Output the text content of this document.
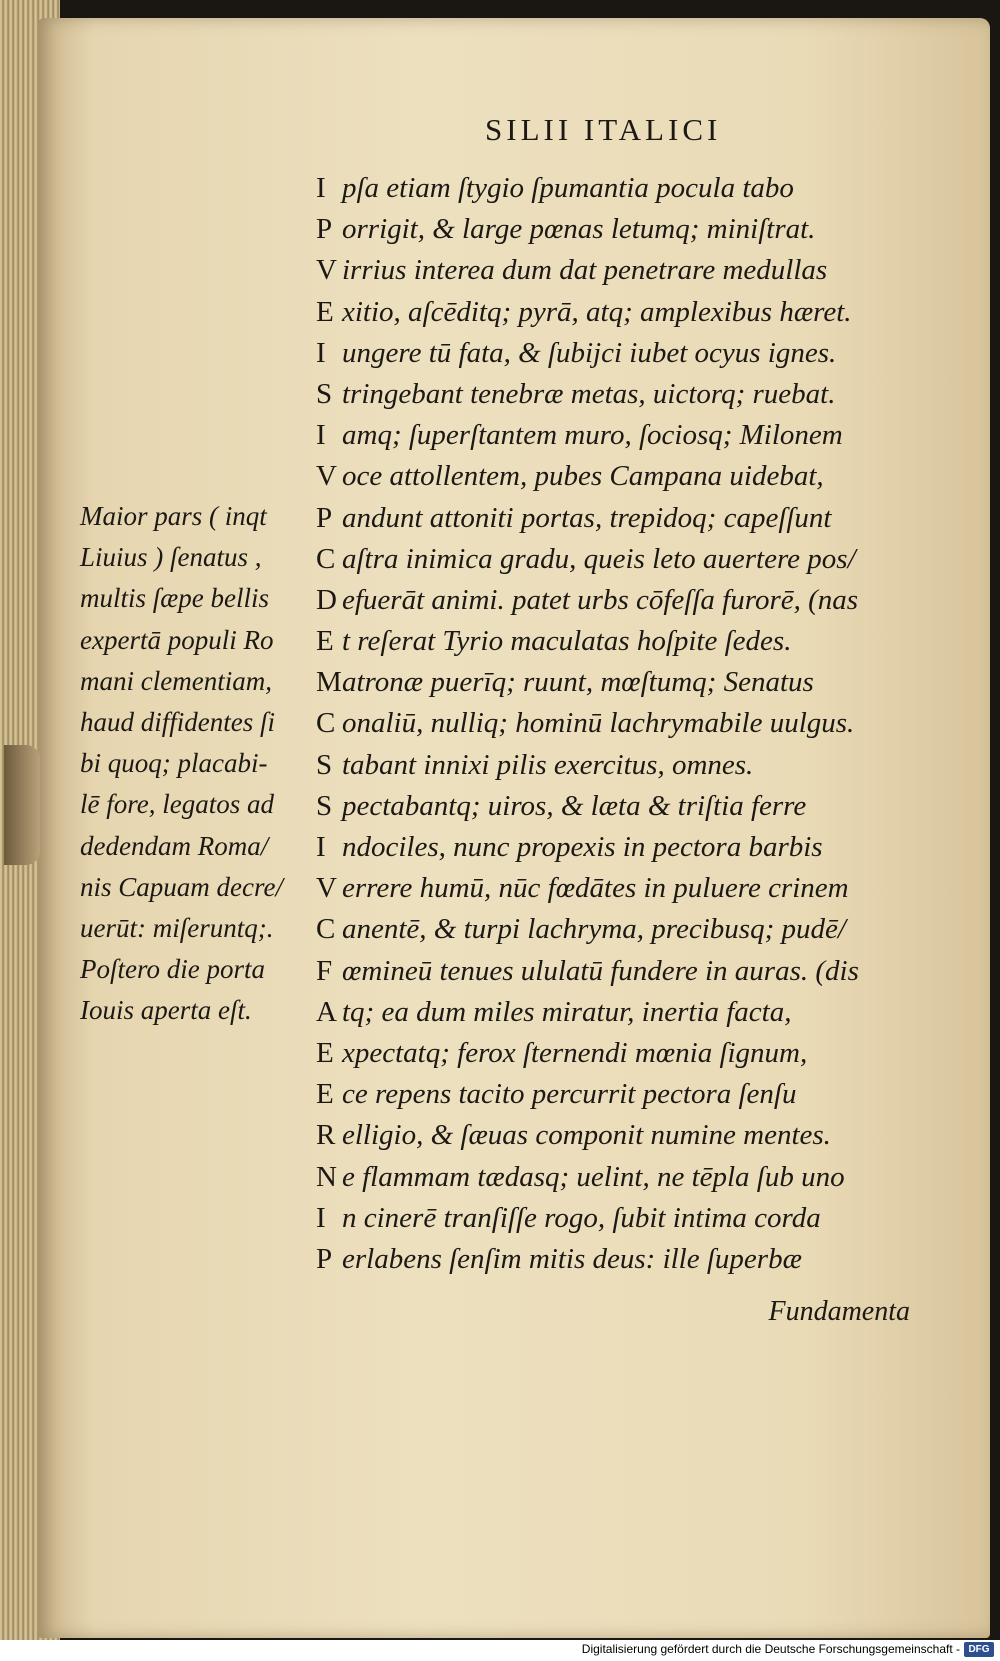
SILII ITALICI
I pſa etiam ſtygio ſpumantia pocula tabo
P orrigit, & large pœnas letumq; miniſtrat.
V irrius interea dum dat penetrare medullas
E xitio, aſcēditq; pyrā, atq; amplexibus hæret.
I ungere tū fata, & ſubijci iubet ocyus ignes.
S tringebant tenebræ metas, uictorq; ruebat.
I amq; ſuperſtantem muro, ſociosq; Milonem
V oce attollentem, pubes Campana uidebat,
P andunt attoniti portas, trepidoq; capeſſunt
C aſtra inimica gradu, queis leto auertere pos/
D efuerāt animi. patet urbs cōfeſſa furorē, (nas
E t reſerat Tyrio maculatas hoſpite ſedes.
Matronæ puerīq; ruunt, mœſtumq; Senatus
C onaliū, nulliq; hominū lachrymabile uulgus.
S tabant innixi pilis exercitus, omnes.
S pectabantq; uiros, & læta & triſtia ferre
I ndociles, nunc propexis in pectora barbis
V errere humū, nūc fœdātes in puluere crinem
C anentē, & turpi lachryma, precibusq; pudē/
F œmineū tenues ululatū fundere in auras. (dis
A tq; ea dum miles miratur, inertia facta,
E xpectatq; ferox ſternendi mœnia ſignum,
E ce repens tacito percurrit pectora ſenſu
R elligio, & ſæuas componit numine mentes.
N e flammam tædasq; uelint, ne tēpla ſub uno
I n cinerē tranſiſſe rogo, ſubit intima corda
P erlabens ſenſim mitis deus: ille ſuperbæ
Maior pars ( inqt
Liuius ) ſenatus ,
multis ſæpe bellis
expertā populi Ro
mani clementiam,
haud diffidentes ſi
bi quoq; placabi-
lē fore, legatos ad
dedendam Roma/
nis Capuam decre/
uerūt: miſeruntq;.
Poſtero die porta
Iouis aperta eſt.
Fundamenta
Digitalisierung gefördert durch die Deutsche Forschungsgemeinschaft - DFG
